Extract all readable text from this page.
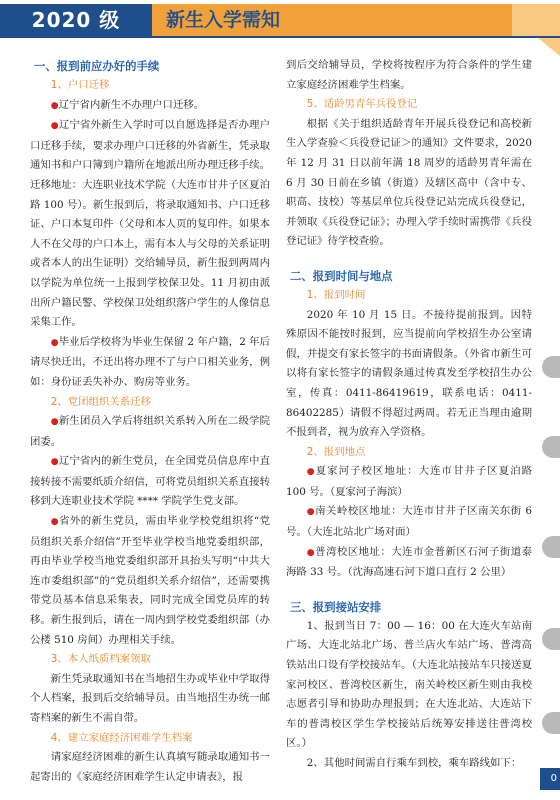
2020 级	新生入学需知
一、报到前应办好的手续
1、户口迁移

●辽宁省内新生不办理户口迁移。

●辽宁省外新生入学时可以自愿选择是否办理户口迁移手续，要求办理户口迁移的外省新生，凭录取通知书和户口簿到户籍所在地派出所办理迁移手续。迁移地址：大连职业技术学院（大连市甘井子区夏泊路 100 号）。新生报到后，将录取通知书、户口迁移证、户口本复印件（父母和本人页的复印件。如果本人不在父母的户口本上，需有本人与父母的关系证明或者本人的出生证明）交给辅导员，新生报到两周内以学院为单位统一上报到学校保卫处。11 月初由派出所户籍民警、学校保卫处组织落户学生的人像信息采集工作。

●毕业后学校将为毕业生保留 2 年户籍，2 年后请尽快迁出，不迁出将办理不了与户口相关业务，例如：身份证丢失补办、购房等业务。

2、党团组织关系迁移

●新生团员入学后将组织关系转入所在二级学院团委。

●辽宁省内的新生党员，在全国党员信息库中直接转接不需要纸质介绍信，可将党员组织关系直接转移到大连职业技术学院 **** 学院学生党支部。

●省外的新生党员，需由毕业学校党组织将“党员组织关系介绍信”开至毕业学校当地党委组织部，再由毕业学校当地党委组织部开具抬头写明“中共大连市委组织部”的“党员组织关系介绍信”，还需要携带党员基本信息采集表，同时完成全国党员库的转移。新生报到后，请在一周内到学校党委组织部（办公楼 510 房间）办理相关手续。

3、本人纸质档案领取

新生凭录取通知书在当地招生办或毕业中学取得个人档案，报到后交给辅导员。由当地招生办统一邮寄档案的新生不需自带。

4、建立家庭经济困难学生档案

请家庭经济困难的新生认真填写随录取通知书一起寄出的《家庭经济困难学生认定申请表》，报

到后交给辅导员，学校将按程序为符合条件的学生建立家庭经济困难学生档案。

5、适龄男青年兵役登记

根据《关于组织适龄青年开展兵役登记和高校新生入学查验＜兵役登记证＞的通知》文件要求，2020 年 12 月 31 日以前年满 18 周岁的适龄男青年需在 6 月 30 日前在乡镇（街道）及辖区高中（含中专、职高、技校）等基层单位兵役登记站完成兵役登记，并领取《兵役登记证》；办理入学手续时需携带《兵役登记证》待学校查验。

二、报到时间与地点
1、报到时间

2020 年 10 月 15 日。不接待提前报到。因特殊原因不能按时报到，应当提前向学校招生办公室请假，并提交有家长签字的书面请假条。（外省市新生可以将有家长签字的请假条通过传真发至学校招生办公室，传真：0411-86419619，联系电话：0411-86402285）请假不得超过两周。若无正当理由逾期不报到者，视为放弃入学资格。

2、报到地点

●夏家河子校区地址：大连市甘井子区夏泊路 100 号。（夏家河子海滨）

●南关岭校区地址：大连市甘井子区南关东街 6 号。（大连北站北广场对面）

●普湾校区地址：大连市金普新区石河子街道泰海路 33 号。（沈海高速石河下道口直行 2 公里）

三、报到接站安排

1、报到当日 7：00 — 16：00 在大连火车站南广场、大连北站北广场、普兰店火车站广场、普湾高铁站出口设有学校接站车。（大连北站接站车只接送夏家河校区、普湾校区新生，南关岭校区新生则由我校志愿者引导和协助办理报到；在大连北站、大连站下车的普湾校区学生学校接站后统筹安排送往普湾校区。）

2、其他时间需自行乘车到校，乘车路线如下：

0
